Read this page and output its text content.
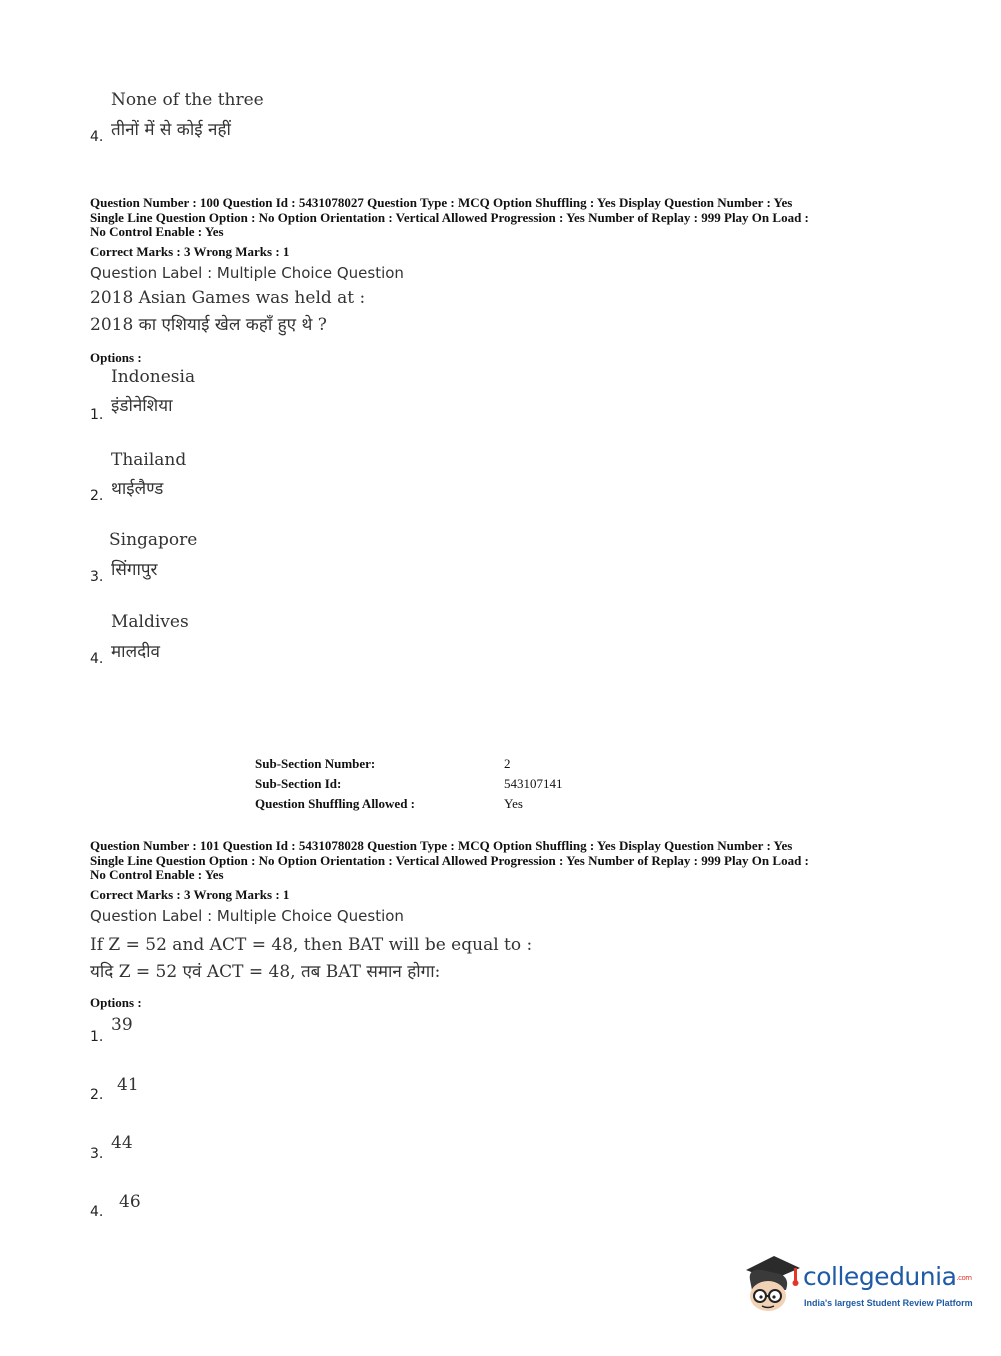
None of the three
तीनों में से कोई नहीं
4.
Question Number : 100 Question Id : 5431078027 Question Type : MCQ Option Shuffling : Yes Display Question Number : Yes
Single Line Question Option : No Option Orientation : Vertical Allowed Progression : Yes Number of Replay : 999 Play On Load :
No Control Enable : Yes
Correct Marks : 3 Wrong Marks : 1
Question Label : Multiple Choice Question
2018 Asian Games was held at :
2018 का एशियाई खेल कहाँ हुए थे ?
Options :
Indonesia
इंडोनेशिया
1.
Thailand
थाईलैण्ड
2.
Singapore
सिंगापुर
3.
Maldives
मालदीव
4.
Sub-Section Number:	2
Sub-Section Id:	543107141
Question Shuffling Allowed :	Yes
Question Number : 101 Question Id : 5431078028 Question Type : MCQ Option Shuffling : Yes Display Question Number : Yes
Single Line Question Option : No Option Orientation : Vertical Allowed Progression : Yes Number of Replay : 999 Play On Load :
No Control Enable : Yes
Correct Marks : 3 Wrong Marks : 1
Question Label : Multiple Choice Question
If Z = 52 and ACT = 48, then BAT will be equal to :
यदि Z = 52 एवं ACT = 48, तब BAT समान होगा:
Options :
39
1.
41
2.
44
3.
46
4.
collegedunia.com
India's largest Student Review Platform
